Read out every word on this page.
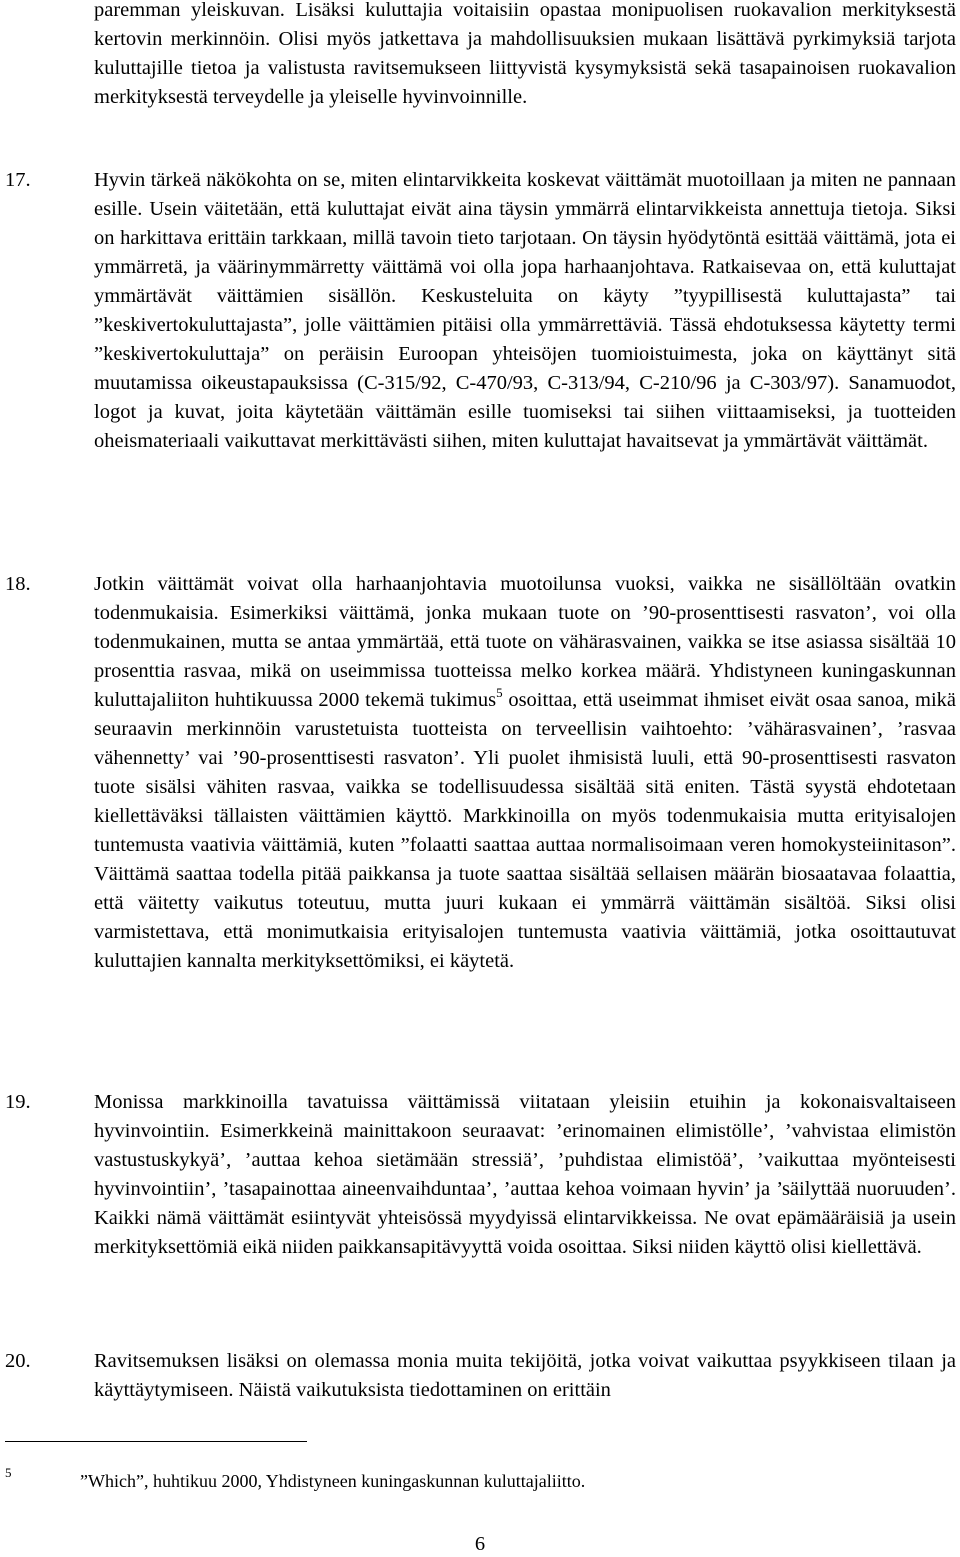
paremman yleiskuvan. Lisäksi kuluttajia voitaisiin opastaa monipuolisen ruokavalion merkityksestä kertovin merkinnöin. Olisi myös jatkettava ja mahdollisuuksien mukaan lisättävä pyrkimyksiä tarjota kuluttajille tietoa ja valistusta ravitsemukseen liittyvistä kysymyksistä sekä tasapainoisen ruokavalion merkityksestä terveydelle ja yleiselle hyvinvoinnille.

17.	Hyvin tärkeä näkökohta on se, miten elintarvikkeita koskevat väittämät muotoillaan ja miten ne pannaan esille. Usein väitetään, että kuluttajat eivät aina täysin ymmärrä elintarvikkeista annettuja tietoja. Siksi on harkittava erittäin tarkkaan, millä tavoin tieto tarjotaan. On täysin hyödytöntä esittää väittämä, jota ei ymmärretä, ja väärinymmärretty väittämä voi olla jopa harhaanjohtava. Ratkaisevaa on, että kuluttajat ymmärtävät väittämien sisällön. Keskusteluita on käyty ”tyypillisestä kuluttajasta” tai ”keskivertokuluttajasta”, jolle väittämien pitäisi olla ymmärrettäviä. Tässä ehdotuksessa käytetty termi ”keskivertokuluttaja” on peräisin Euroopan yhteisöjen tuomioistuimesta, joka on käyttänyt sitä muutamissa oikeustapauksissa (C-315/92, C-470/93, C-313/94, C-210/96 ja C-303/97). Sanamuodot, logot ja kuvat, joita käytetään väittämän esille tuomiseksi tai siihen viittaamiseksi, ja tuotteiden oheismateriaali vaikuttavat merkittävästi siihen, miten kuluttajat havaitsevat ja ymmärtävät väittämät.

18.	Jotkin väittämät voivat olla harhaanjohtavia muotoilunsa vuoksi, vaikka ne sisällöltään ovatkin todenmukaisia. Esimerkiksi väittämä, jonka mukaan tuote on ’90-prosenttisesti rasvaton’, voi olla todenmukainen, mutta se antaa ymmärtää, että tuote on vähärasvainen, vaikka se itse asiassa sisältää 10 prosenttia rasvaa, mikä on useimmissa tuotteissa melko korkea määrä. Yhdistyneen kuningaskunnan kuluttajaliiton huhtikuussa 2000 tekemä tukimus$^5$ osoittaa, että useimmat ihmiset eivät osaa sanoa, mikä seuraavin merkinnöin varustetuista tuotteista on terveellisin vaihtoehto: ’vähärasvainen’, ’rasvaa vähennetty’ vai ’90-prosenttisesti rasvaton’. Yli puolet ihmisistä luuli, että 90-prosenttisesti rasvaton tuote sisälsi vähiten rasvaa, vaikka se todellisuudessa sisältää sitä eniten. Tästä syystä ehdotetaan kiellettäväksi tällaisten väittämien käyttö. Markkinoilla on myös todenmukaisia mutta erityisalojen tuntemusta vaativia väittämiä, kuten ”folaatti saattaa auttaa normalisoimaan veren homokysteiinitason”. Väittämä saattaa todella pitää paikkansa ja tuote saattaa sisältää sellaisen määrän biosaatavaa folaattia, että väitetty vaikutus toteutuu, mutta juuri kukaan ei ymmärrä väittämän sisältöä. Siksi olisi varmistettava, että monimutkaisia erityisalojen tuntemusta vaativia väittämiä, jotka osoittautuvat kuluttajien kannalta merkityksettömiksi, ei käytetä.

19.	Monissa markkinoilla tavatuissa väittämissä viitataan yleisiin etuihin ja kokonaisvaltaiseen hyvinvointiin. Esimerkkeinä mainittakoon seuraavat: ’erinomainen elimistölle’, ’vahvistaa elimistön vastustuskykyä’, ’auttaa kehoa sietämään stressiä’, ’puhdistaa elimistöä’, ’vaikuttaa myönteisesti hyvinvointiin’, ’tasapainottaa aineenvaihduntaa’, ’auttaa kehoa voimaan hyvin’ ja ’säilyttää nuoruuden’. Kaikki nämä väittämät esiintyvät yhteisössä myydyissä elintarvikkeissa. Ne ovat epämääräisiä ja usein merkityksettömiä eikä niiden paikkansapitävyyttä voida osoittaa. Siksi niiden käyttö olisi kiellettävä.

20.	Ravitsemuksen lisäksi on olemassa monia muita tekijöitä, jotka voivat vaikuttaa psyykkiseen tilaan ja käyttäytymiseen. Näistä vaikutuksista tiedottaminen on erittäin

5	”Which”, huhtikuu 2000, Yhdistyneen kuningaskunnan kuluttajaliitto.

6
